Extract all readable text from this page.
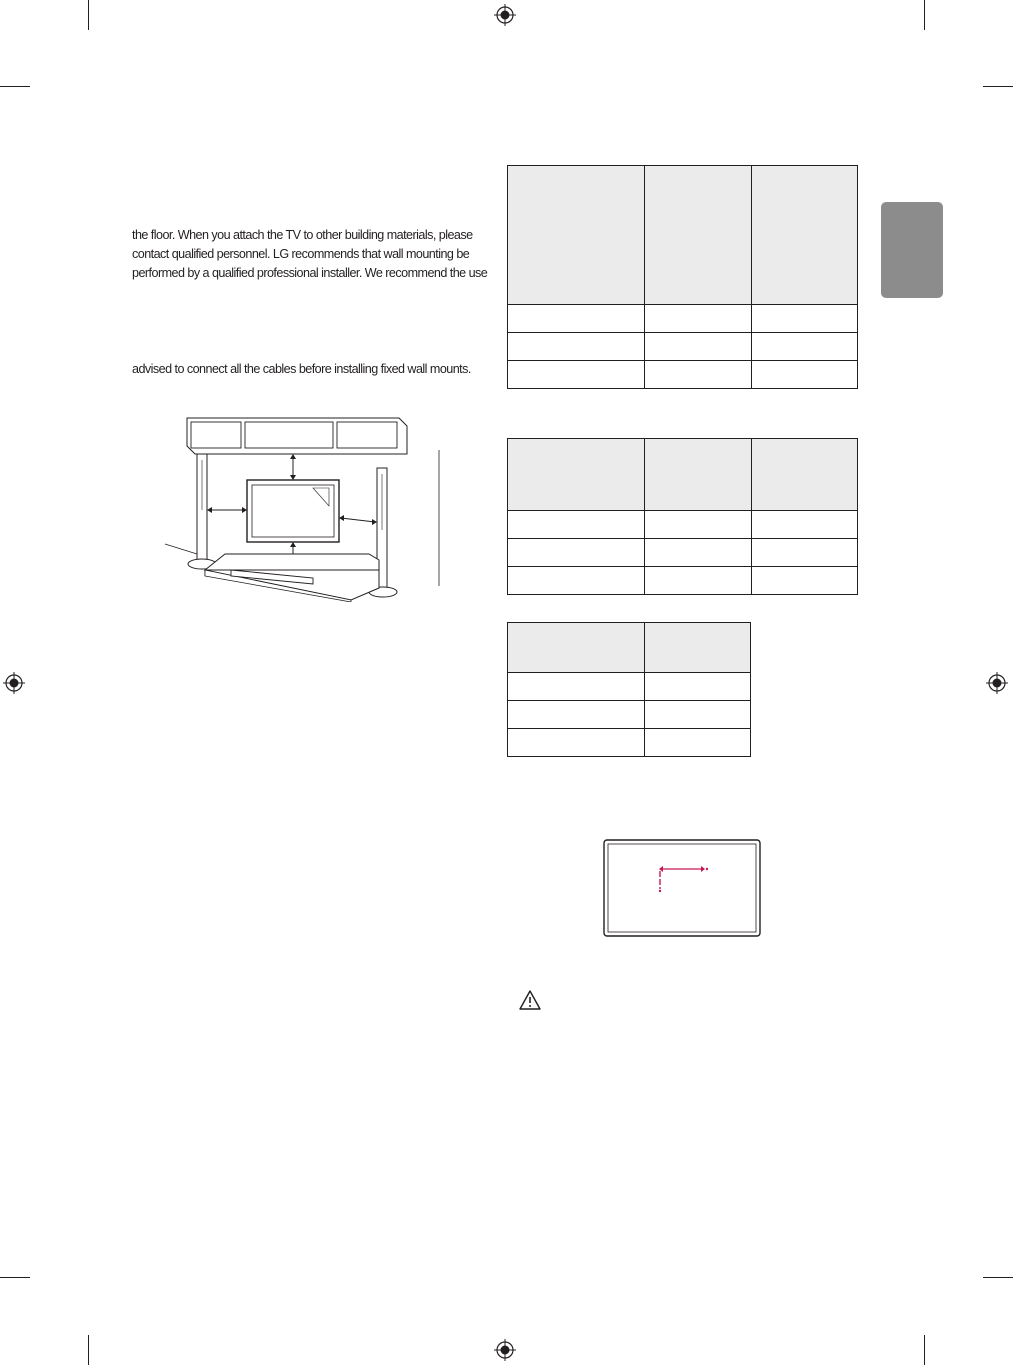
the floor. When you attach the TV to other building materials, please
contact qualified personnel. LG recommends that wall mounting be
performed by a qualified professional installer. We recommend the use
advised to connect all the cables before installing fixed wall mounts.
